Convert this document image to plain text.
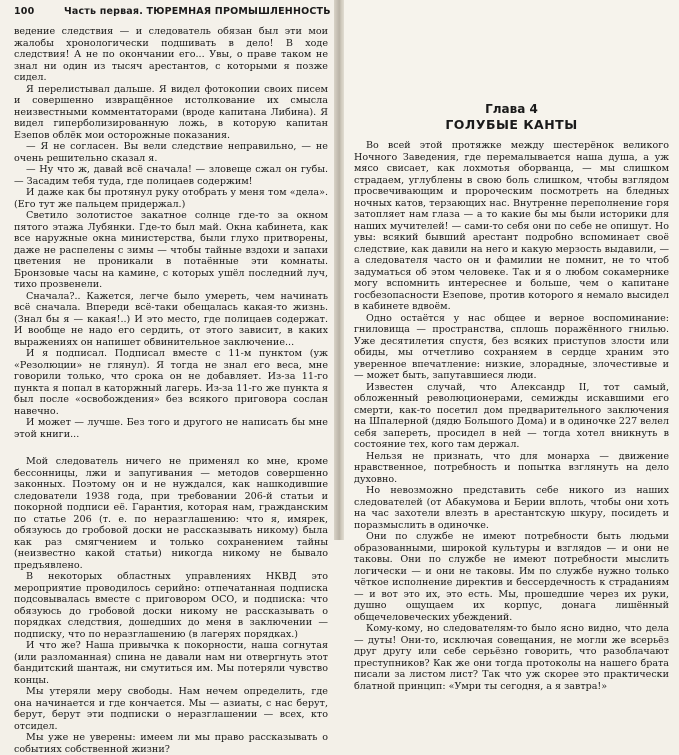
100	Часть первая. ТЮРЕМНАЯ ПРОМЫШЛЕННОСТЬ

ведение следствия — и следователь обязан был эти мои жалобы хронологически подшивать в дело! В ходе следствия! А не по окончании его... Увы, о праве таком не знал ни один из тысяч арестантов, с которыми я позже сидел.

Я перелистывал дальше. Я видел фотокопии своих писем и совершенно извращённое истолкование их смысла неизвестными комментаторами (вроде капитана Либина). Я видел гиперболизированную ложь, в которую капитан Езепов облёк мои осторожные показания.

— Я не согласен. Вы вели следствие неправильно, — не очень решительно сказал я.

— Ну что ж, давай всё сначала! — зловеще сжал он губы. — Засадим тебя туда, где полицаев содержим!

И даже как бы протянул руку отобрать у меня том «дела». (Его тут же пальцем придержал.)

Светило золотистое закатное солнце где-то за окном пятого этажа Лубянки. Где-то был май. Окна кабинета, как все наружные окна министерства, были глухо притворены, даже не распелены с зимы — чтобы тайные вздохи и запахи цветения не проникали в потаённые эти комнаты. Бронзовые часы на камине, с которых ушёл последний луч, тихо прозвенели.

Сначала?.. Кажется, легче было умереть, чем начинать всё сначала. Впереди всё-таки обещалась какая-то жизнь. (Знал бы я — какая!..) И это место, где полицаев содержат. И вообще не надо его сердить, от этого зависит, в каких выражениях он напишет обвинительное заключение...

И я подписал. Подписал вместе с 11-м пунктом (уж «Резолюции» не глянул). Я тогда не знал его веса, мне говорили только, что срока он не добавляет. Из-за 11-го пункта я попал в каторжный лагерь. Из-за 11-го же пункта я был после «освобождения» без всякого приговора сослан навечно.

И может — лучше. Без того и другого не написать бы мне этой книги...

Мой следователь ничего не применял ко мне, кроме бессонницы, лжи и запугивания — методов совершенно законных. Поэтому он и не нуждался, как нашкодившие следователи 1938 года, при требовании 206-й статьи и покорной подписи её. Гарантия, которая нам, гражданским по статье 206 (т. е. по неразглашению: что я, имярек, обязуюсь до гробовой доски не рассказывать никому) была как раз смягчением и только сохранением тайны (неизвестно какой статьи) никогда никому не бывало предъявлено.

В некоторых областных управлениях НКВД это мероприятие проводилось серийно: отпечатанная подписка подсовывалась вместе с приговором ОСО, и подписка: что обязуюсь до гробовой доски никому не рассказывать о порядках следствия, дошедших до меня в заключении — подписку, что по неразглашению (в лагерях порядках.)

И что же? Наша привычка к покорности, наша согнутая (или разломанная) спина не давали нам ни отвергнуть этот бандитский шантаж, ни смутиться им. Мы потеряли чувство концы.

Мы утеряли меру свободы. Нам нечем определить, где она начинается и где кончается. Мы — азиаты, с нас берут, берут, берут эти подписки о неразглашении — всех, кто отсидел.

Мы уже не уверены: имеем ли мы право рассказывать о событиях собственной жизни?

Глава 4
ГОЛУБЫЕ КАНТЫ

Во всей этой протяжке между шестерёнок великого Ночного Заведения, где перемалывается наша душа, а уж мясо свисает, как лохмотья оборванца, — мы слишком страдаем, углублены в свою боль слишком, чтобы взглядом просвечивающим и пророческим посмотреть на бледных ночных катов, терзающих нас. Внутренне переполнение горя затопляет нам глаза — а то какие бы мы были историки для наших мучителей! — сами-то себя они по себе не опишут. Но увы: всякий бывший арестант подробно вспоминает своё следствие, как давили на него и какую мерзость выдавили, — а следователя часто он и фамилии не помнит, не то чтоб задуматься об этом человеке. Так и я о любом сокамернике могу вспомнить интереснее и больше, чем о капитане госбезопасности Езепове, против которого я немало высидел в кабинете вдвоём.

Одно остаётся у нас общее и верное воспоминание: гниловища — пространства, сплошь поражённого гнилью. Уже десятилетия спустя, без всяких приступов злости или обиды, мы отчетливо сохраняем в сердце храним это уверенное впечатление: низкие, злорадные, злочестивые и — может быть, запутавшиеся люди.

Известен случай, что Александр II, тот самый, обложенный революционерами, семижды искавшими его смерти, как-то посетил дом предварительного заключения на Шпалерной (дядю Большого Дома) и в одиночке 227 велел себя запереть, просидел в ней — тогда хотел вникнуть в состояние тех, кого там держал.

Нельзя не признать, что для монарха — движение нравственное, потребность и попытка взглянуть на дело духовно.

Но невозможно представить себе никого из наших следователей (от Абакумова и Берии вплоть, чтобы они хоть на час захотели влезть в арестантскую шкуру, посидеть и поразмыслить в одиночке.

Они по службе не имеют потребности быть людьми образованными, широкой культуры и взглядов — и они не таковы. Они по службе не имеют потребности мыслить логически — и они не таковы. Им по службе нужно только чёткое исполнение директив и бессердечность к страданиям — и вот это их, это есть. Мы, прошедшие через их руки, душно ощущаем их корпус, донага лишённый общечеловеческих убеждений.

Кому-кому, но следователям-то было ясно видно, что дела — дуты! Они-то, исключая совещания, не могли же всерьёз друг другу или себе серьёзно говорить, что разоблачают преступников? Как же они тогда протоколы на нашего брата писали за листом лист? Так что уж скорее это практически блатной принцип: «Умри ты сегодня, а я завтра!»
